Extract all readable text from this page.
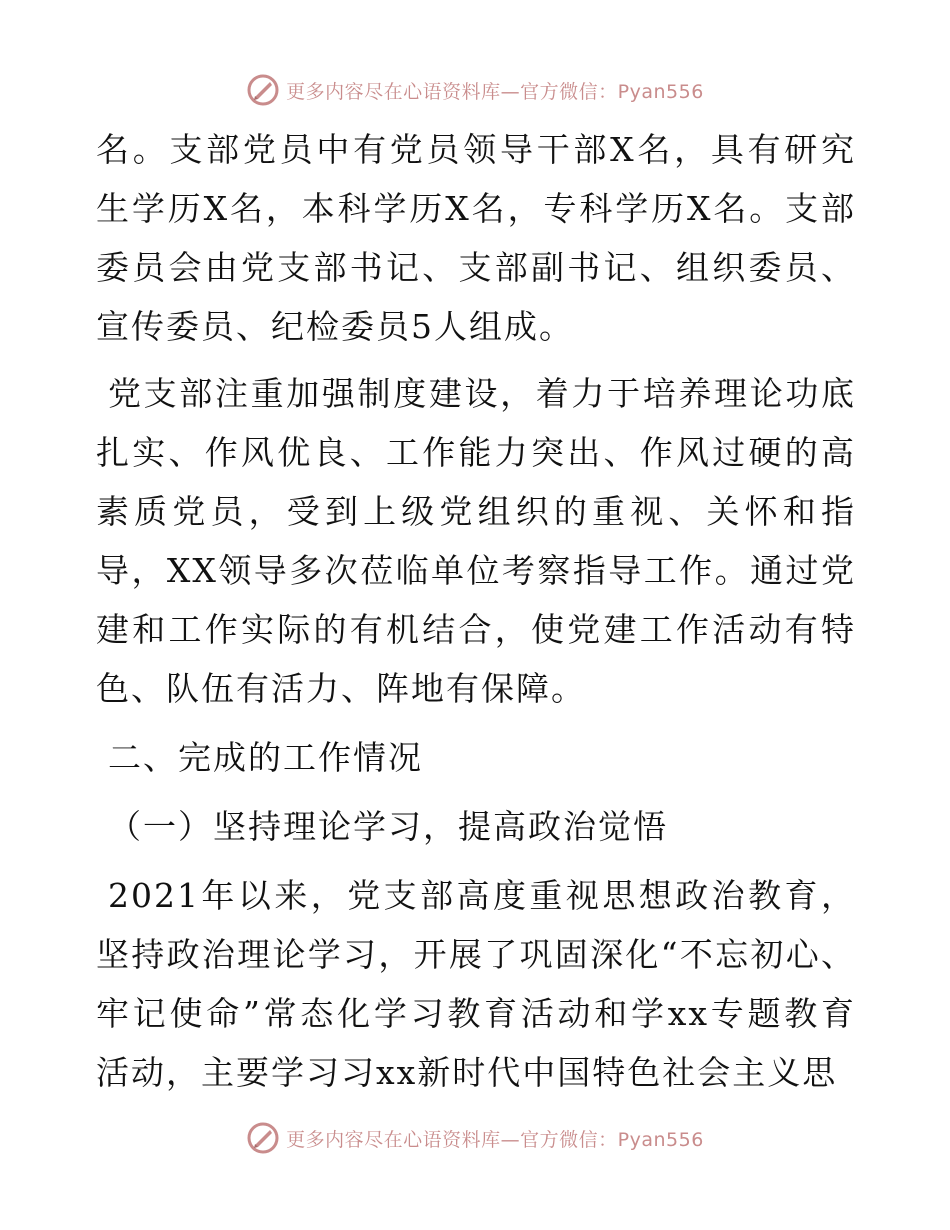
更多内容尽在心语资料库—官方微信：Pyan556

名。支部党员中有党员领导干部X名，具有研究生学历X名，本科学历X名，专科学历X名。支部委员会由党支部书记、支部副书记、组织委员、宣传委员、纪检委员5人组成。

党支部注重加强制度建设，着力于培养理论功底扎实、作风优良、工作能力突出、作风过硬的高素质党员，受到上级党组织的重视、关怀和指导，XX领导多次莅临单位考察指导工作。通过党建和工作实际的有机结合，使党建工作活动有特色、队伍有活力、阵地有保障。

二、完成的工作情况

（一）坚持理论学习，提高政治觉悟

2021年以来，党支部高度重视思想政治教育，坚持政治理论学习，开展了巩固深化“不忘初心、牢记使命”常态化学习教育活动和学xx专题教育活动，主要学习习xx新时代中国特色社会主义思

更多内容尽在心语资料库—官方微信：Pyan556
